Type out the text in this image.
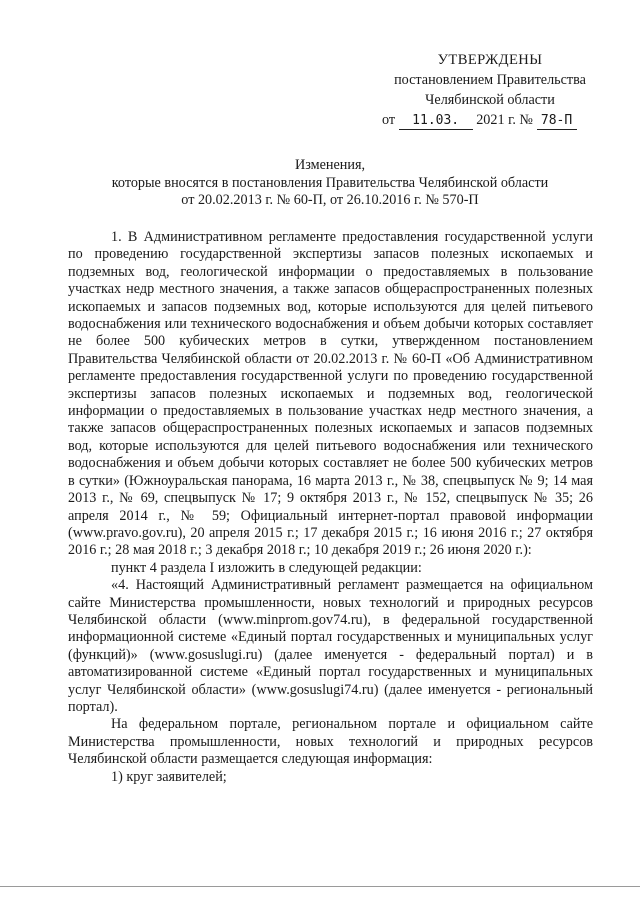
УТВЕРЖДЕНЫ
постановлением Правительства
Челябинской области
от 11.03. 2021 г. № 78-П
Изменения,
которые вносятся в постановления Правительства Челябинской области
от 20.02.2013 г. № 60-П, от 26.10.2016 г. № 570-П

1. В Административном регламенте предоставления государственной услуги по проведению государственной экспертизы запасов полезных ископаемых и подземных вод, геологической информации о предоставляемых в пользование участках недр местного значения, а также запасов общераспространенных полезных ископаемых и запасов подземных вод, которые используются для целей питьевого водоснабжения или технического водоснабжения и объем добычи которых составляет не более 500 кубических метров в сутки, утвержденном постановлением Правительства Челябинской области от 20.02.2013 г. № 60-П «Об Административном регламенте предоставления государственной услуги по проведению государственной экспертизы запасов полезных ископаемых и подземных вод, геологической информации о предоставляемых в пользование участках недр местного значения, а также запасов общераспространенных полезных ископаемых и запасов подземных вод, которые используются для целей питьевого водоснабжения или технического водоснабжения и объем добычи которых составляет не более 500 кубических метров в сутки» (Южноуральская панорама, 16 марта 2013 г., № 38, спецвыпуск № 9; 14 мая 2013 г., № 69, спецвыпуск № 17; 9 октября 2013 г., № 152, спецвыпуск № 35; 26 апреля 2014 г., № 59; Официальный интернет-портал правовой информации (www.pravo.gov.ru), 20 апреля 2015 г.; 17 декабря 2015 г.; 16 июня 2016 г.; 27 октября 2016 г.; 28 мая 2018 г.; 3 декабря 2018 г.; 10 декабря 2019 г.; 26 июня 2020 г.):

пункт 4 раздела I изложить в следующей редакции:

«4. Настоящий Административный регламент размещается на официальном сайте Министерства промышленности, новых технологий и природных ресурсов Челябинской области (www.minprom.gov74.ru), в федеральной государственной информационной системе «Единый портал государственных и муниципальных услуг (функций)» (www.gosuslugi.ru) (далее именуется - федеральный портал) и в автоматизированной системе «Единый портал государственных и муниципальных услуг Челябинской области» (www.gosuslugi74.ru) (далее именуется - региональный портал).

На федеральном портале, региональном портале и официальном сайте Министерства промышленности, новых технологий и природных ресурсов Челябинской области размещается следующая информация:

1) круг заявителей;
